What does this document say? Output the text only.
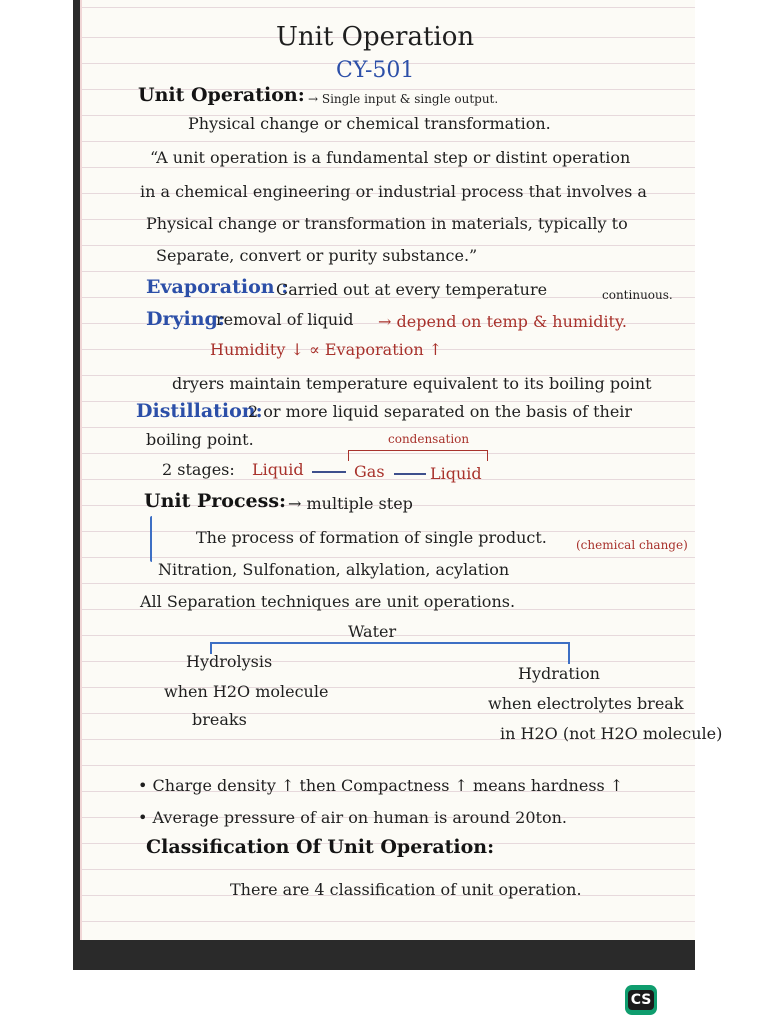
Unit Operation
CY-501
Unit Operation: → Single input & single output.
Physical change or chemical transformation.
“A unit operation is a fundamental step or distint operation
in a chemical engineering or industrial process that involves a
Physical change or transformation in materials, typically to
Separate, convert or purity substance.”
Evaporation :
Carried out at every temperature	continuous.
Drying:
removal of liquid → depend on temp & humidity.
Humidity ↓ ∝ Evaporation ↑
dryers maintain temperature equivalent to its boiling point
Distillation:
2 or more liquid separated on the basis of their
boiling point.	condensation
2 stages: Liquid	Gas	Liquid
Unit Process: → multiple step
The process of formation of single product. (chemical change)
Nitration, Sulfonation, alkylation, acylation
All Separation techniques are unit operations.
Water
Hydrolysis
when H2O molecule
breaks
Hydration
when electrolytes break
in H2O (not H2O molecule)
• Charge density ↑ then Compactness ↑ means hardness ↑
• Average pressure of air on human is around 20ton.
Classification Of Unit Operation:
There are 4 classification of unit operation.
CS
